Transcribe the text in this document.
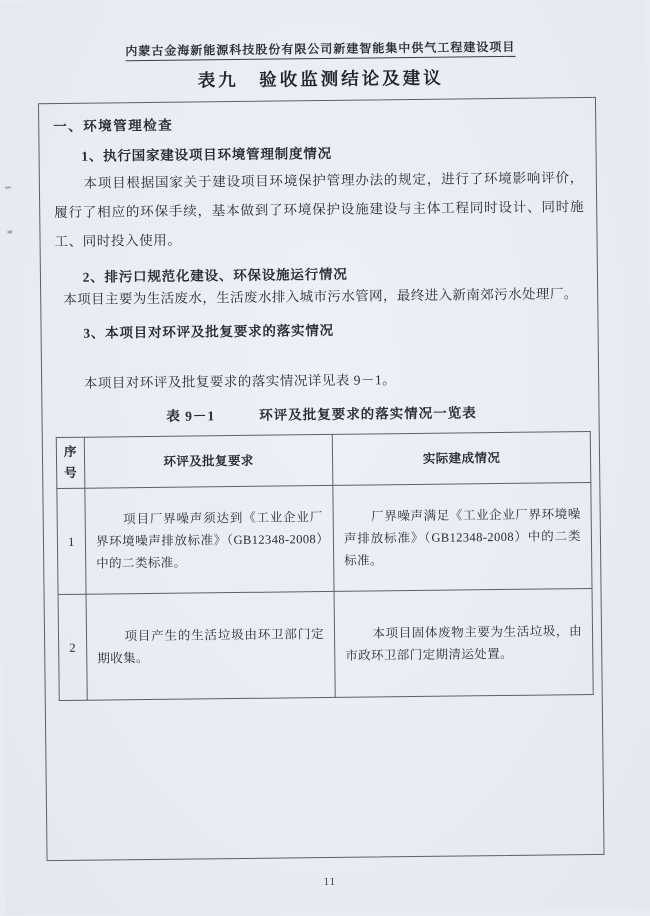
内蒙古金海新能源科技股份有限公司新建智能集中供气工程建设项目
表九　验收监测结论及建议
一、环境管理检查
1、执行国家建设项目环境管理制度情况
本项目根据国家关于建设项目环境保护管理办法的规定，进行了环境影响评价，履行了相应的环保手续，基本做到了环境保护设施建设与主体工程同时设计、同时施工、同时投入使用。
2、排污口规范化建设、环保设施运行情况
本项目主要为生活废水，生活废水排入城市污水管网，最终进入新南郊污水处理厂。
3、本项目对环评及批复要求的落实情况
本项目对环评及批复要求的落实情况详见表 9－1。
表 9－1	环评及批复要求的落实情况一览表
序号	环评及批复要求	实际建成情况
1	项目厂界噪声须达到《工业企业厂界环境噪声排放标准》（GB12348-2008）中的二类标准。	厂界噪声满足《工业企业厂界环境噪声排放标准》（GB12348-2008）中的二类标准。
2	项目产生的生活垃圾由环卫部门定期收集。	本项目固体废物主要为生活垃圾，由市政环卫部门定期清运处置。
11
